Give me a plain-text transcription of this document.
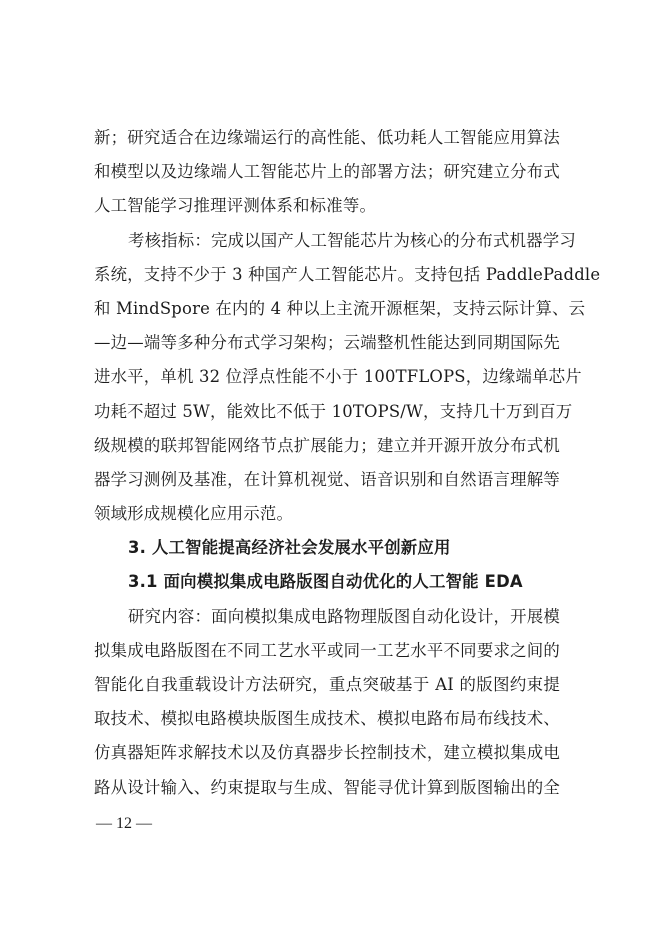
新；研究适合在边缘端运行的高性能、低功耗人工智能应用算法
和模型以及边缘端人工智能芯片上的部署方法；研究建立分布式
人工智能学习推理评测体系和标准等。
考核指标：完成以国产人工智能芯片为核心的分布式机器学习
系统，支持不少于 3 种国产人工智能芯片。支持包括 PaddlePaddle
和 MindSpore 在内的 4 种以上主流开源框架，支持云际计算、云
—边—端等多种分布式学习架构；云端整机性能达到同期国际先
进水平，单机 32 位浮点性能不小于 100TFLOPS，边缘端单芯片
功耗不超过 5W，能效比不低于 10TOPS/W，支持几十万到百万
级规模的联邦智能网络节点扩展能力；建立并开源开放分布式机
器学习测例及基准，在计算机视觉、语音识别和自然语言理解等
领域形成规模化应用示范。
3. 人工智能提高经济社会发展水平创新应用
3.1 面向模拟集成电路版图自动优化的人工智能 EDA
研究内容：面向模拟集成电路物理版图自动化设计，开展模
拟集成电路版图在不同工艺水平或同一工艺水平不同要求之间的
智能化自我重载设计方法研究，重点突破基于 AI 的版图约束提
取技术、模拟电路模块版图生成技术、模拟电路布局布线技术、
仿真器矩阵求解技术以及仿真器步长控制技术，建立模拟集成电
路从设计输入、约束提取与生成、智能寻优计算到版图输出的全
— 12 —
